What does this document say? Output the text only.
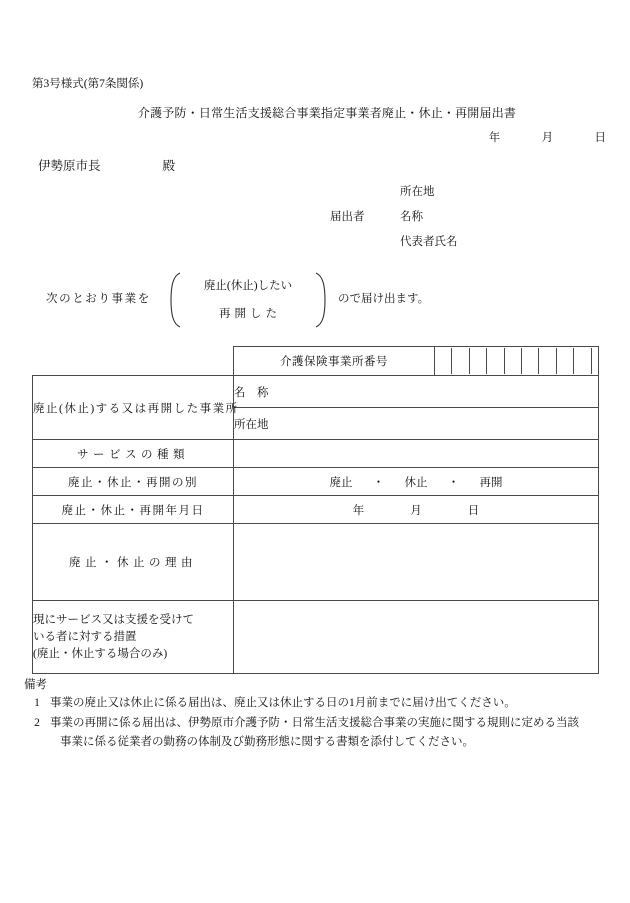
第3号様式(第7条関係)
介護予防・日常生活支援総合事業指定事業者廃止・休止・再開届出書
年	月	日
伊勢原市長	殿
所在地
届出者	名称
代表者氏名
次のとおり事業を
廃止(休止)したい
再開した
ので届け出ます。
	介護保険事業所番号	

廃止(休止)する又は再開した事業所	名　称
所在地
サービスの種類	
廃止・休止・再開の別	廃止 ・ 休止 ・ 再開
廃止・休止・再開年月日	年	月	日
廃止・休止の理由	

現にサービス又は支援を受けて
いる者に対する措置
(廃止・休止する場合のみ)

備考
1 事業の廃止又は休止に係る届出は、廃止又は休止する日の1月前までに届け出てください。
2 事業の再開に係る届出は、伊勢原市介護予防・日常生活支援総合事業の実施に関する規則に定める当該
事業に係る従業者の勤務の体制及び勤務形態に関する書類を添付してください。
